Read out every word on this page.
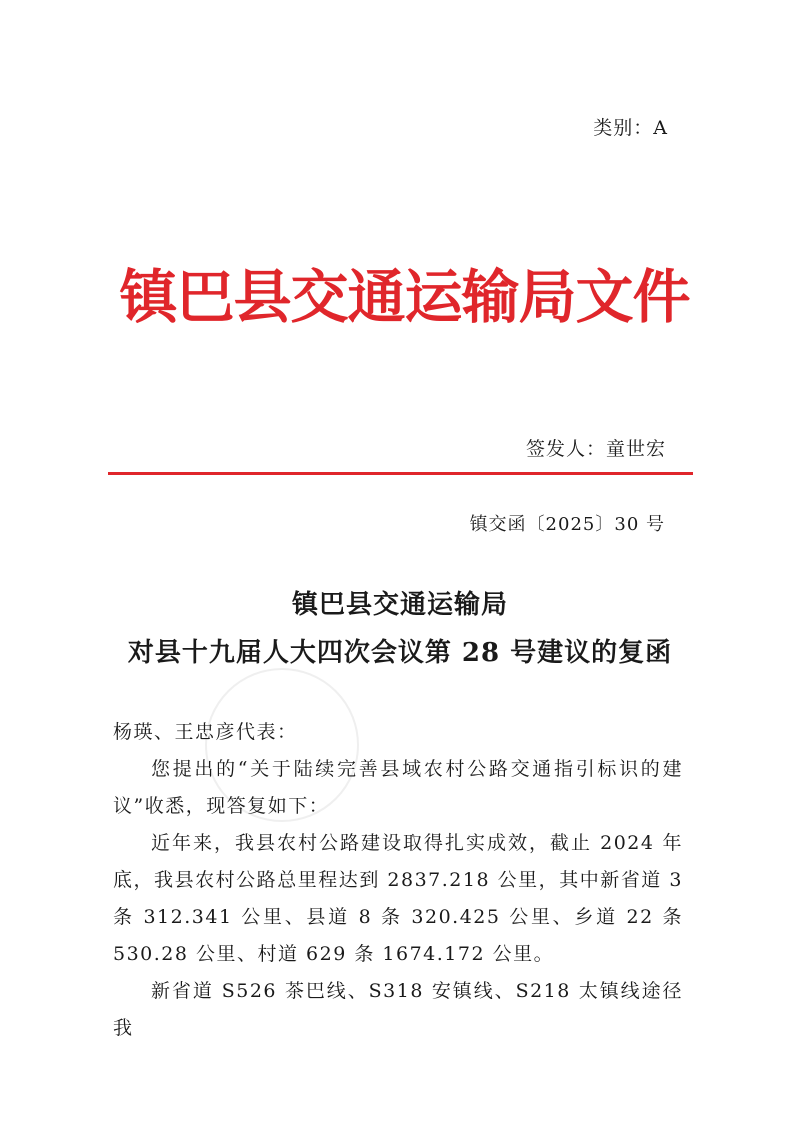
类别：A
镇巴县交通运输局文件
签发人：童世宏
镇交函〔2025〕30 号
镇巴县交通运输局
对县十九届人大四次会议第 28 号建议的复函
杨瑛、王忠彦代表：

您提出的“关于陆续完善县域农村公路交通指引标识的建议”收悉，现答复如下：

近年来，我县农村公路建设取得扎实成效，截止 2024 年底，我县农村公路总里程达到 2837.218 公里，其中新省道 3 条 312.341 公里、县道 8 条 320.425 公里、乡道 22 条 530.28 公里、村道 629 条 1674.172 公里。

新省道 S526 茶巴线、S318 安镇线、S218 太镇线途径我
